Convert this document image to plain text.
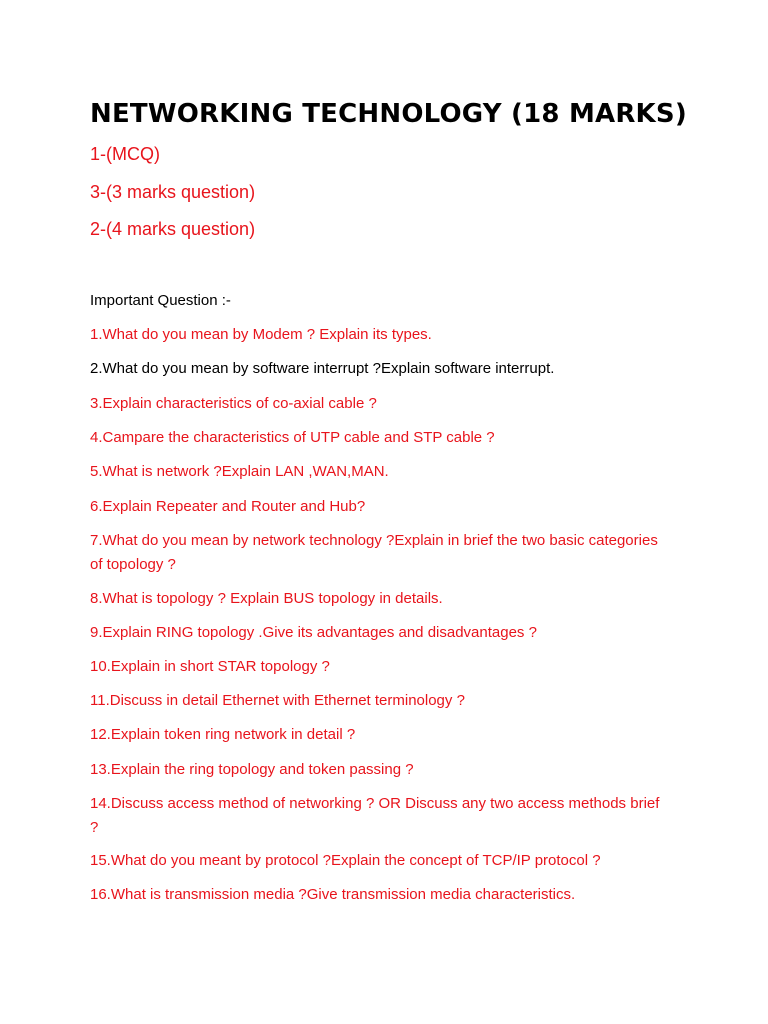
NETWORKING TECHNOLOGY (18 MARKS)

1-(MCQ)

3-(3 marks question)

2-(4 marks question)

Important Question :-

1.What do you mean by Modem ? Explain its types.

2.What do you mean by software interrupt ?Explain software interrupt.

3.Explain characteristics of co-axial cable ?

4.Campare the characteristics of UTP cable and STP cable ?

5.What is network ?Explain LAN ,WAN,MAN.

6.Explain Repeater and Router and Hub?

7.What do you mean by network technology ?Explain in brief the two basic categories of topology ?

8.What is topology ? Explain BUS topology in details.

9.Explain RING topology .Give its advantages and disadvantages ?

10.Explain in short STAR topology ?

11.Discuss in detail Ethernet with Ethernet terminology ?

12.Explain token ring network in detail ?

13.Explain the ring topology and token passing ?

14.Discuss access method of networking ? OR Discuss any two access methods brief ?

15.What do you meant by protocol ?Explain the concept of TCP/IP protocol ?

16.What is transmission media ?Give transmission media characteristics.
